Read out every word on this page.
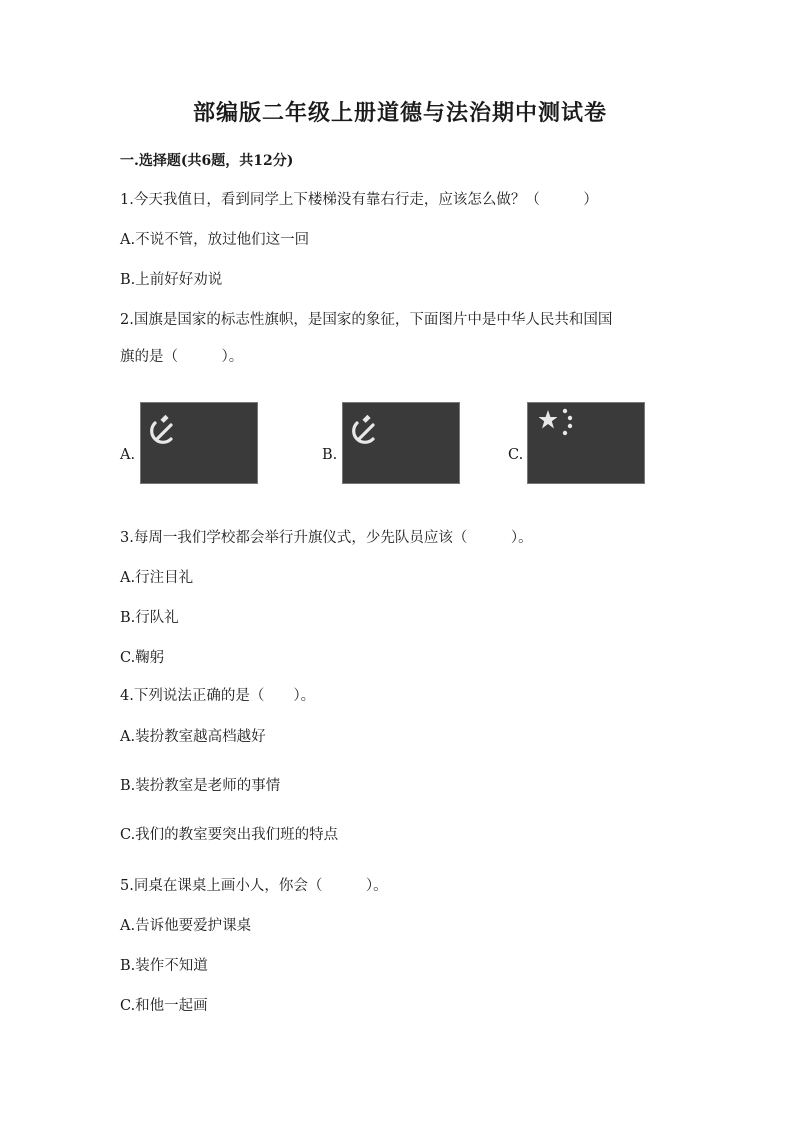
部编版二年级上册道德与法治期中测试卷
一.选择题(共6题，共12分)
1.今天我值日，看到同学上下楼梯没有靠右行走，应该怎么做？（　　　）
A.不说不管，放过他们这一回
B.上前好好劝说
2.国旗是国家的标志性旗帜，是国家的象征，下面图片中是中华人民共和国国
旗的是（　　　）。
A.	B.	C.
3.每周一我们学校都会举行升旗仪式，少先队员应该（　　　）。
A.行注目礼
B.行队礼
C.鞠躬
4.下列说法正确的是（　　）。
A.装扮教室越高档越好
B.装扮教室是老师的事情
C.我们的教室要突出我们班的特点
5.同桌在课桌上画小人，你会（　　　）。
A.告诉他要爱护课桌
B.装作不知道
C.和他一起画
